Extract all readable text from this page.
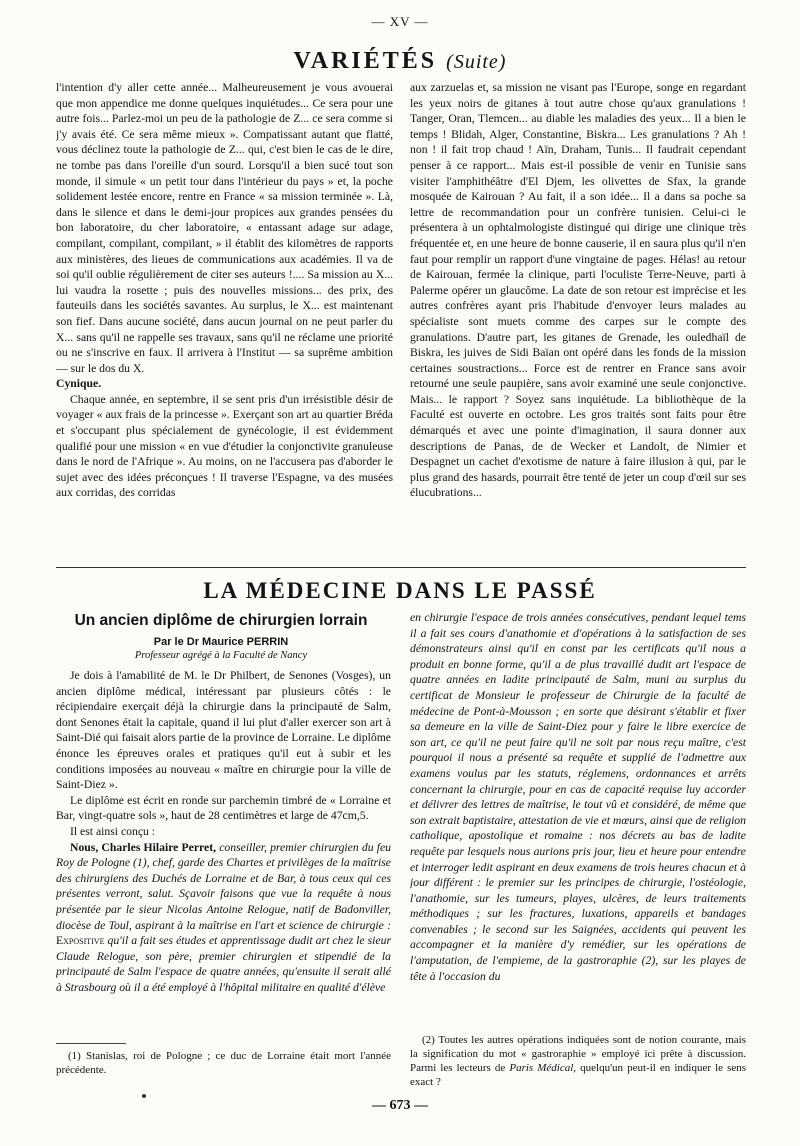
— XV —
VARIÉTÉS (Suite)

l'intention d'y aller cette année... Malheureusement je vous avouerai que mon appendice me donne quelques inquiétudes... Ce sera pour une autre fois... Parlez-moi un peu de la pathologie de Z... ce sera comme si j'y avais été. Ce sera même mieux ». Compatissant autant que flatté, vous déclinez toute la pathologie de Z... qui, c'est bien le cas de le dire, ne tombe pas dans l'oreille d'un sourd. Lorsqu'il a bien sucé tout son monde, il simule « un petit tour dans l'intérieur du pays » et, la poche solidement lestée encore, rentre en France « sa mission terminée ». Là, dans le silence et dans le demi-jour propices aux grandes pensées du bon laboratoire, du cher laboratoire, « entassant adage sur adage, compilant, compilant, compilant, » il établit des kilomètres de rapports aux ministères, des lieues de communications aux académies. Il va de soi qu'il oublie régulièrement de citer ses auteurs !.... Sa mission au X... lui vaudra la rosette ; puis des nouvelles missions... des prix, des fauteuils dans les sociétés savantes. Au surplus, le X... est maintenant son fief. Dans aucune société, dans aucun journal on ne peut parler du X... sans qu'il ne rappelle ses travaux, sans qu'il ne réclame une priorité ou ne s'inscrive en faux. Il arrivera à l'Institut — sa suprême ambition — sur le dos du X.

Cynique.

Chaque année, en septembre, il se sent pris d'un irrésistible désir de voyager « aux frais de la princesse ». Exerçant son art au quartier Bréda et s'occupant plus spécialement de gynécologie, il est évidemment qualifié pour une mission « en vue d'étudier la conjonctivite granuleuse dans le nord de l'Afrique ». Au moins, on ne l'accusera pas d'aborder le sujet avec des idées préconçues ! Il traverse l'Espagne, va des musées aux corridas, des corridas

aux zarzuelas et, sa mission ne visant pas l'Europe, songe en regardant les yeux noirs de gitanes à tout autre chose qu'aux granulations ! Tanger, Oran, Tlemcen... au diable les maladies des yeux... Il a bien le temps ! Blidah, Alger, Constantine, Biskra... Les granulations ? Ah ! non ! il fait trop chaud ! Aïn, Draham, Tunis... Il faudrait cependant penser à ce rapport... Mais est-il possible de venir en Tunisie sans visiter l'amphithéâtre d'El Djem, les olivettes de Sfax, la grande mosquée de Kairouan ? Au fait, il a son idée... Il a dans sa poche sa lettre de recommandation pour un confrère tunisien. Celui-ci le présentera à un ophtalmologiste distingué qui dirige une clinique très fréquentée et, en une heure de bonne causerie, il en saura plus qu'il n'en faut pour remplir un rapport d'une vingtaine de pages. Hélas! au retour de Kairouan, fermée la clinique, parti l'oculiste Terre-Neuve, parti à Palerme opérer un glaucôme. La date de son retour est imprécise et les autres confrères ayant pris l'habitude d'envoyer leurs malades au spécialiste sont muets comme des carpes sur le compte des granulations. D'autre part, les gitanes de Grenade, les ouledhaïl de Biskra, les juives de Sidi Baïan ont opéré dans les fonds de la mission certaines soustractions... Force est de rentrer en France sans avoir retourné une seule paupière, sans avoir examiné une seule conjonctive. Mais... le rapport ? Soyez sans inquiétude. La bibliothèque de la Faculté est ouverte en octobre. Les gros traités sont faits pour être démarqués et avec une pointe d'imagination, il saura donner aux descriptions de Panas, de de Wecker et Landolt, de Nimier et Despagnet un cachet d'exotisme de nature à faire illusion à qui, par le plus grand des hasards, pourrait être tenté de jeter un coup d'œil sur ses élucubrations...

LA MÉDECINE DANS LE PASSÉ
Un ancien diplôme de chirurgien lorrain
Par le Dr Maurice PERRIN
Professeur agrégé à la Faculté de Nancy

Je dois à l'amabilité de M. le Dr Philbert, de Senones (Vosges), un ancien diplôme médical, intéressant par plusieurs côtés : le récipiendaire exerçait déjà la chirurgie dans la principauté de Salm, dont Senones était la capitale, quand il lui plut d'aller exercer son art à Saint-Dié qui faisait alors partie de la province de Lorraine. Le diplôme énonce les épreuves orales et pratiques qu'il eut à subir et les conditions imposées au nouveau « maître en chirurgie pour la ville de Saint-Diez ».

Le diplôme est écrit en ronde sur parchemin timbré de « Lorraine et Bar, vingt-quatre sols », haut de 28 centimètres et large de 47cm,5.

Il est ainsi conçu :

Nous, Charles Hilaire Perret, conseiller, premier chirurgien du feu Roy de Pologne (1), chef, garde des Chartes et privilèges de la maîtrise des chirurgiens des Duchés de Lorraine et de Bar, à tous ceux qui ces présentes verront, salut. Sçavoir faisons que vue la requête à nous présentée par le sieur Nicolas Antoine Relogue, natif de Badonviller, diocèse de Toul, aspirant à la maîtrise en l'art et science de chirurgie : Expositive qu'il a fait ses études et apprentissage dudit art chez le sieur Claude Relogue, son père, premier chirurgien et stipendié de la principauté de Salm l'espace de quatre années, qu'ensuite il serait allé à Strasbourg où il a été employé à l'hôpital militaire en qualité d'élève

en chirurgie l'espace de trois années consécutives, pendant lequel tems il a fait ses cours d'anathomie et d'opérations à la satisfaction de ses démonstrateurs ainsi qu'il en const par les certificats qu'il nous a produit en bonne forme, qu'il a de plus travaillé dudit art l'espace de quatre années en ladite principauté de Salm, muni au surplus du certificat de Monsieur le professeur de Chirurgie de la faculté de médecine de Pont-à-Mousson ; en sorte que désirant s'établir et fixer sa demeure en la ville de Saint-Diez pour y faire le libre exercice de son art, ce qu'il ne peut faire qu'il ne soit par nous reçu maître, c'est pourquoi il nous a présenté sa requête et supplié de l'admettre aux examens voulus par les statuts, réglemens, ordonnances et arrêts concernant la chirurgie, pour en cas de capacité requise luy accorder et délivrer des lettres de maîtrise, le tout vû et considéré, de même que son extrait baptistaire, attestation de vie et mœurs, ainsi que de religion catholique, apostolique et romaine : nos décrets au bas de ladite requête par lesquels nous aurions pris jour, lieu et heure pour entendre et interroger ledit aspirant en deux examens de trois heures chacun et à jour différent : le premier sur les principes de chirurgie, l'ostéologie, l'anathomie, sur les tumeurs, playes, ulcères, de leurs traitements méthodiques ; sur les fractures, luxations, appareils et bandages convenables ; le second sur les Saignées, accidents qui peuvent les accompagner et la manière d'y remédier, sur les opérations de l'amputation, de l'empieme, de la gastroraphie (2), sur les playes de tête à l'occasion du

(1) Stanislas, roi de Pologne ; ce duc de Lorraine était mort l'année précédente.

(2) Toutes les autres opérations indiquées sont de notion courante, mais la signification du mot « gastroraphie » employé ici prête à discussion. Parmi les lecteurs de Paris Médical, quelqu'un peut-il en indiquer le sens exact ?

— 673 —
